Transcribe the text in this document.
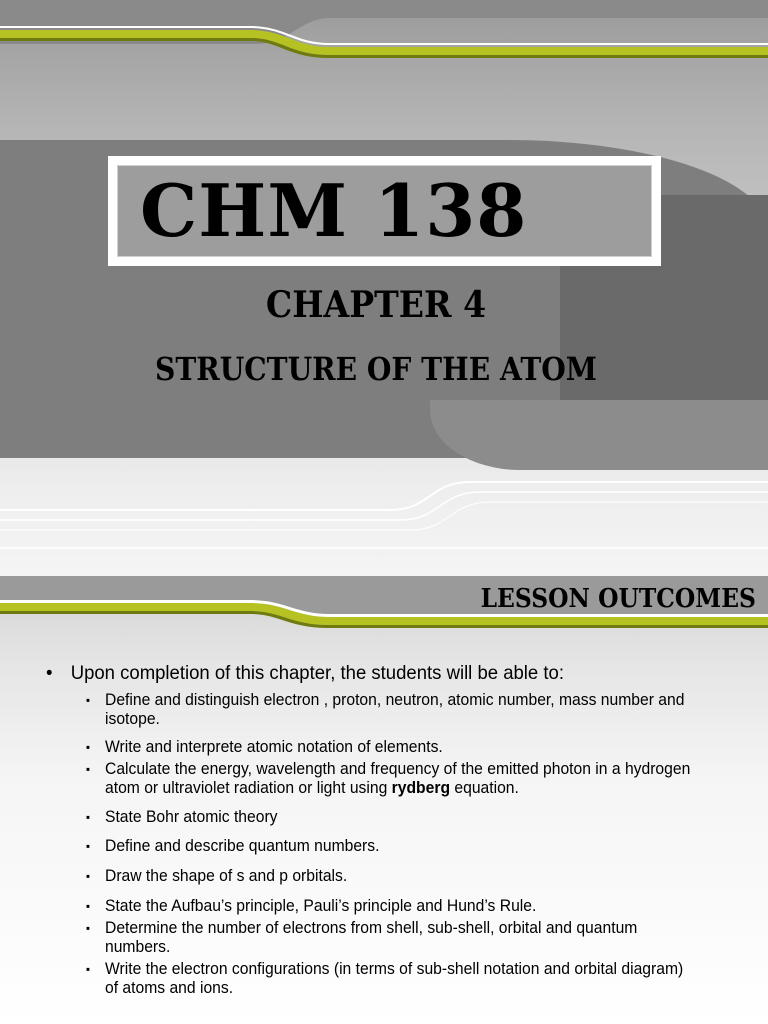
CHM 138
CHAPTER 4
STRUCTURE OF THE ATOM
LESSON OUTCOMES
• Upon completion of this chapter, the students will be able to:
▪ Define and distinguish electron , proton, neutron, atomic number, mass number and isotope.
▪ Write and interprete atomic notation of elements.
▪ Calculate the energy, wavelength and frequency of the emitted photon in a hydrogen atom or ultraviolet radiation or light using rydberg equation.
▪ State Bohr atomic theory
▪ Define and describe quantum numbers.
▪ Draw the shape of s and p orbitals.
▪ State the Aufbau’s principle, Pauli’s principle and Hund’s Rule.
▪ Determine the number of electrons from shell, sub-shell, orbital and quantum numbers.
▪ Write the electron configurations (in terms of sub-shell notation and orbital diagram) of atoms and ions.
